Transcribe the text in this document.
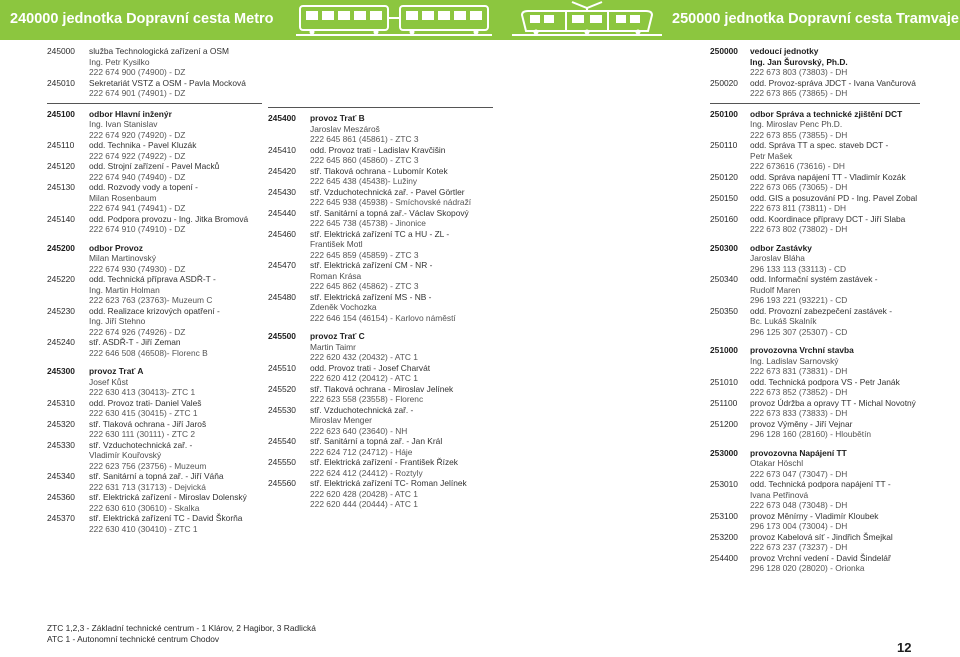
240000 jednotka Dopravní cesta Metro	250000 jednotka Dopravní cesta Tramvaje
245000 služba Technologická zařízení a OSM
Ing. Petr Kysilko
222 674 900 (74900) - DZ
245010 Sekretariát VSTZ a OSM - Pavla Mocková
222 674 901 (74901) - DZ
245100 odbor Hlavní inženýr
Ing. Ivan Stanislav
222 674 920 (74920) - DZ
245110 odd. Technika - Pavel Kluzák
222 674 922 (74922) - DZ
245120 odd. Strojní zařízení - Pavel Macků
222 674 940 (74940) - DZ
245130 odd. Rozvody vody a topení -
Milan Rosenbaum
222 674 941 (74941) - DZ
245140 odd. Podpora provozu - Ing. Jitka Bromová
222 674 910 (74910) - DZ
245200 odbor Provoz
Milan Martinovský
222 674 930 (74930) - DZ
245220 odd. Technická příprava ASDŘ-T -
Ing. Martin Holman
222 623 763 (23763)- Muzeum C
245230 odd. Realizace krizových opatření -
Ing. Jiří Stehno
222 674 926 (74926) - DZ
245240 stř. ASDŘ-T - Jiří Zeman
222 646 508 (46508)- Florenc B
245300 provoz Trať A
Josef Kůst
222 630 413 (30413)- ZTC 1
245310 odd. Provoz trati- Daniel Valeš
222 630 415 (30415) - ZTC 1
245320 stř. Tlaková ochrana - Jiří Jaroš
222 630 111 (30111) - ZTC 2
245330 stř. Vzduchotechnická zař. -
Vladimír Kouřovský
222 623 756 (23756) - Muzeum
245340 stř. Sanitární a topná zař. - Jiří Váňa
222 631 713 (31713) - Dejvická
245360 stř. Elektrická zařízení - Miroslav Dolenský
222 630 610 (30610) - Skalka
245370 stř. Elektrická zařízení TC - David Škorňa
222 630 410 (30410) - ZTC 1
245400 provoz Trať B
Jaroslav Meszároš
222 645 861 (45861) - ZTC 3
245410 odd. Provoz trati - Ladislav Kravčišin
222 645 860 (45860) - ZTC 3
245420 stř. Tlaková ochrana - Lubomír Kotek
222 645 438 (45438)- Lužiny
245430 stř. Vzduchotechnická zař. - Pavel Görtler
222 645 938 (45938) - Smíchovské nádraží
245440 stř. Sanitární a topná zař.- Václav Skopový
222 645 738 (45738) - Jinonice
245460 stř. Elektrická zařízení TC a HU - ZL -
František Motl
222 645 859 (45859) - ZTC 3
245470 stř. Elektrická zařízení CM - NR -
Roman Krása
222 645 862 (45862) - ZTC 3
245480 stř. Elektrická zařízení MS - NB -
Zdeněk Vochozka
222 646 154 (46154) - Karlovo náměstí
245500 provoz Trať C
Martin Taimr
222 620 432 (20432) - ATC 1
245510 odd. Provoz trati - Josef Charvát
222 620 412 (20412) - ATC 1
245520 stř. Tlaková ochrana - Miroslav Jelínek
222 623 558 (23558) - Florenc
245530 stř. Vzduchotechnická zař. -
Miroslav Menger
222 623 640 (23640) - NH
245540 stř. Sanitární a topná zař. - Jan Král
222 624 712 (24712) - Háje
245550 stř. Elektrická zařízení - František Řízek
222 624 412 (24412) - Roztyly
245560 stř. Elektrická zařízení TC- Roman Jelínek
222 620 428 (20428) - ATC 1
222 620 444 (20444) - ATC 1
250000 vedoucí jednotky
Ing. Jan Šurovský, Ph.D.
222 673 803 (73803) - DH
250020 odd. Provoz-správa JDCT - Ivana Vančurová
222 673 865 (73865) - DH
250100 odbor Správa a technické zjištění DCT
Ing. Miroslav Penc Ph.D.
222 673 855 (73855) - DH
250110 odd. Správa TT a spec. staveb DCT -
Petr Mašek
222 673616 (73616) - DH
250120 odd. Správa napájení TT - Vladimír Kozák
222 673 065 (73065) - DH
250150 odd. GIS a posuzování PD - Ing. Pavel Zobal
222 673 811 (73811) - DH
250160 odd. Koordinace přípravy DCT - Jiří Slaba
222 673 802 (73802) - DH
250300 odbor Zastávky
Jaroslav Bláha
296 133 113 (33113) - CD
250340 odd. Informační systém zastávek -
Rudolf Maren
296 193 221 (93221) - CD
250350 odd. Provozní zabezpečení zastávek -
Bc. Lukáš Skalník
296 125 307 (25307) - CD
251000 provozovna Vrchní stavba
Ing. Ladislav Sarnovský
222 673 831 (73831) - DH
251010 odd. Technická podpora VS - Petr Janák
222 673 852 (73852) - DH
251100 provoz Údržba a opravy TT - Michal Novotný
222 673 833 (73833) - DH
251200 provoz Výměny - Jiří Vejnar
296 128 160 (28160) - Hloubětín
253000 provozovna Napájení TT
Otakar Höschl
222 673 047 (73047) - DH
253010 odd. Technická podpora napájení TT -
Ivana Petřinová
222 673 048 (73048) - DH
253100 provoz Měnírny - Vladimír Kloubek
296 173 004 (73004) - DH
253200 provoz Kabelová síť - Jindřich Šmejkal
222 673 237 (73237) - DH
254400 provoz Vrchní vedení - David Šindelář
296 128 020 (28020) - Orionka
ZTC 1,2,3 - Základní technické centrum - 1 Klárov, 2 Hagibor, 3 Radlická
ATC 1 - Autonomní technické centrum Chodov
12
